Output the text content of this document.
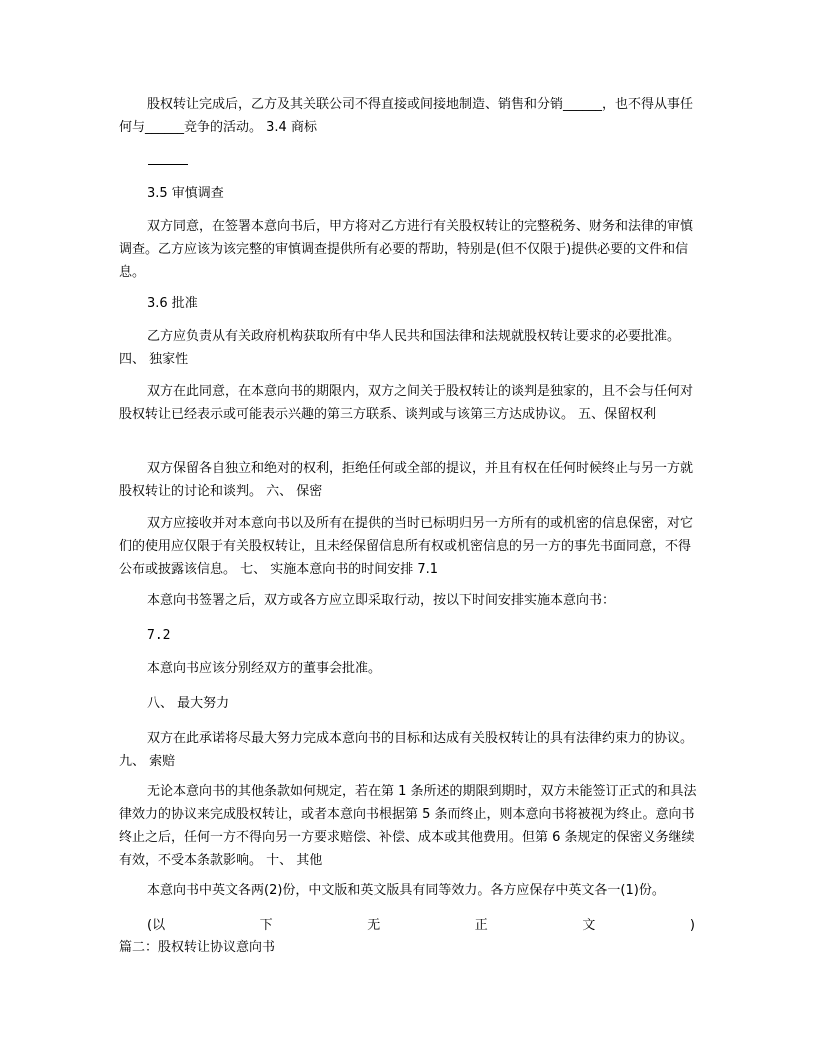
股权转让完成后，乙方及其关联公司不得直接或间接地制造、销售和分销______，也不得从事任何与______竞争的活动。 3.4 商标
3.5 审慎调查
双方同意，在签署本意向书后，甲方将对乙方进行有关股权转让的完整税务、财务和法律的审慎调查。乙方应该为该完整的审慎调查提供所有必要的帮助，特别是(但不仅限于)提供必要的文件和信息。
3.6 批准
乙方应负责从有关政府机构获取所有中华人民共和国法律和法规就股权转让要求的必要批准。 四、 独家性
双方在此同意，在本意向书的期限内，双方之间关于股权转让的谈判是独家的，且不会与任何对股权转让已经表示或可能表示兴趣的第三方联系、谈判或与该第三方达成协议。 五、保留权利
双方保留各自独立和绝对的权利，拒绝任何或全部的提议，并且有权在任何时候终止与另一方就股权转让的讨论和谈判。 六、 保密
双方应接收并对本意向书以及所有在提供的当时已标明归另一方所有的或机密的信息保密，对它们的使用应仅限于有关股权转让，且未经保留信息所有权或机密信息的另一方的事先书面同意，不得公布或披露该信息。 七、 实施本意向书的时间安排 7.1
本意向书签署之后，双方或各方应立即采取行动，按以下时间安排实施本意向书：
7.2
本意向书应该分别经双方的董事会批准。
八、 最大努力
双方在此承诺将尽最大努力完成本意向书的目标和达成有关股权转让的具有法律约束力的协议。 九、 索赔
无论本意向书的其他条款如何规定，若在第 1 条所述的期限到期时，双方未能签订正式的和具法律效力的协议来完成股权转让，或者本意向书根据第 5 条而终止，则本意向书将被视为终止。意向书终止之后，任何一方不得向另一方要求赔偿、补偿、成本或其他费用。但第 6 条规定的保密义务继续有效，不受本条款影响。 十、 其他
本意向书中英文各两(2)份，中文版和英文版具有同等效力。各方应保存中英文各一(1)份。
(以	下	无	正	文	)
篇二：股权转让协议意向书
